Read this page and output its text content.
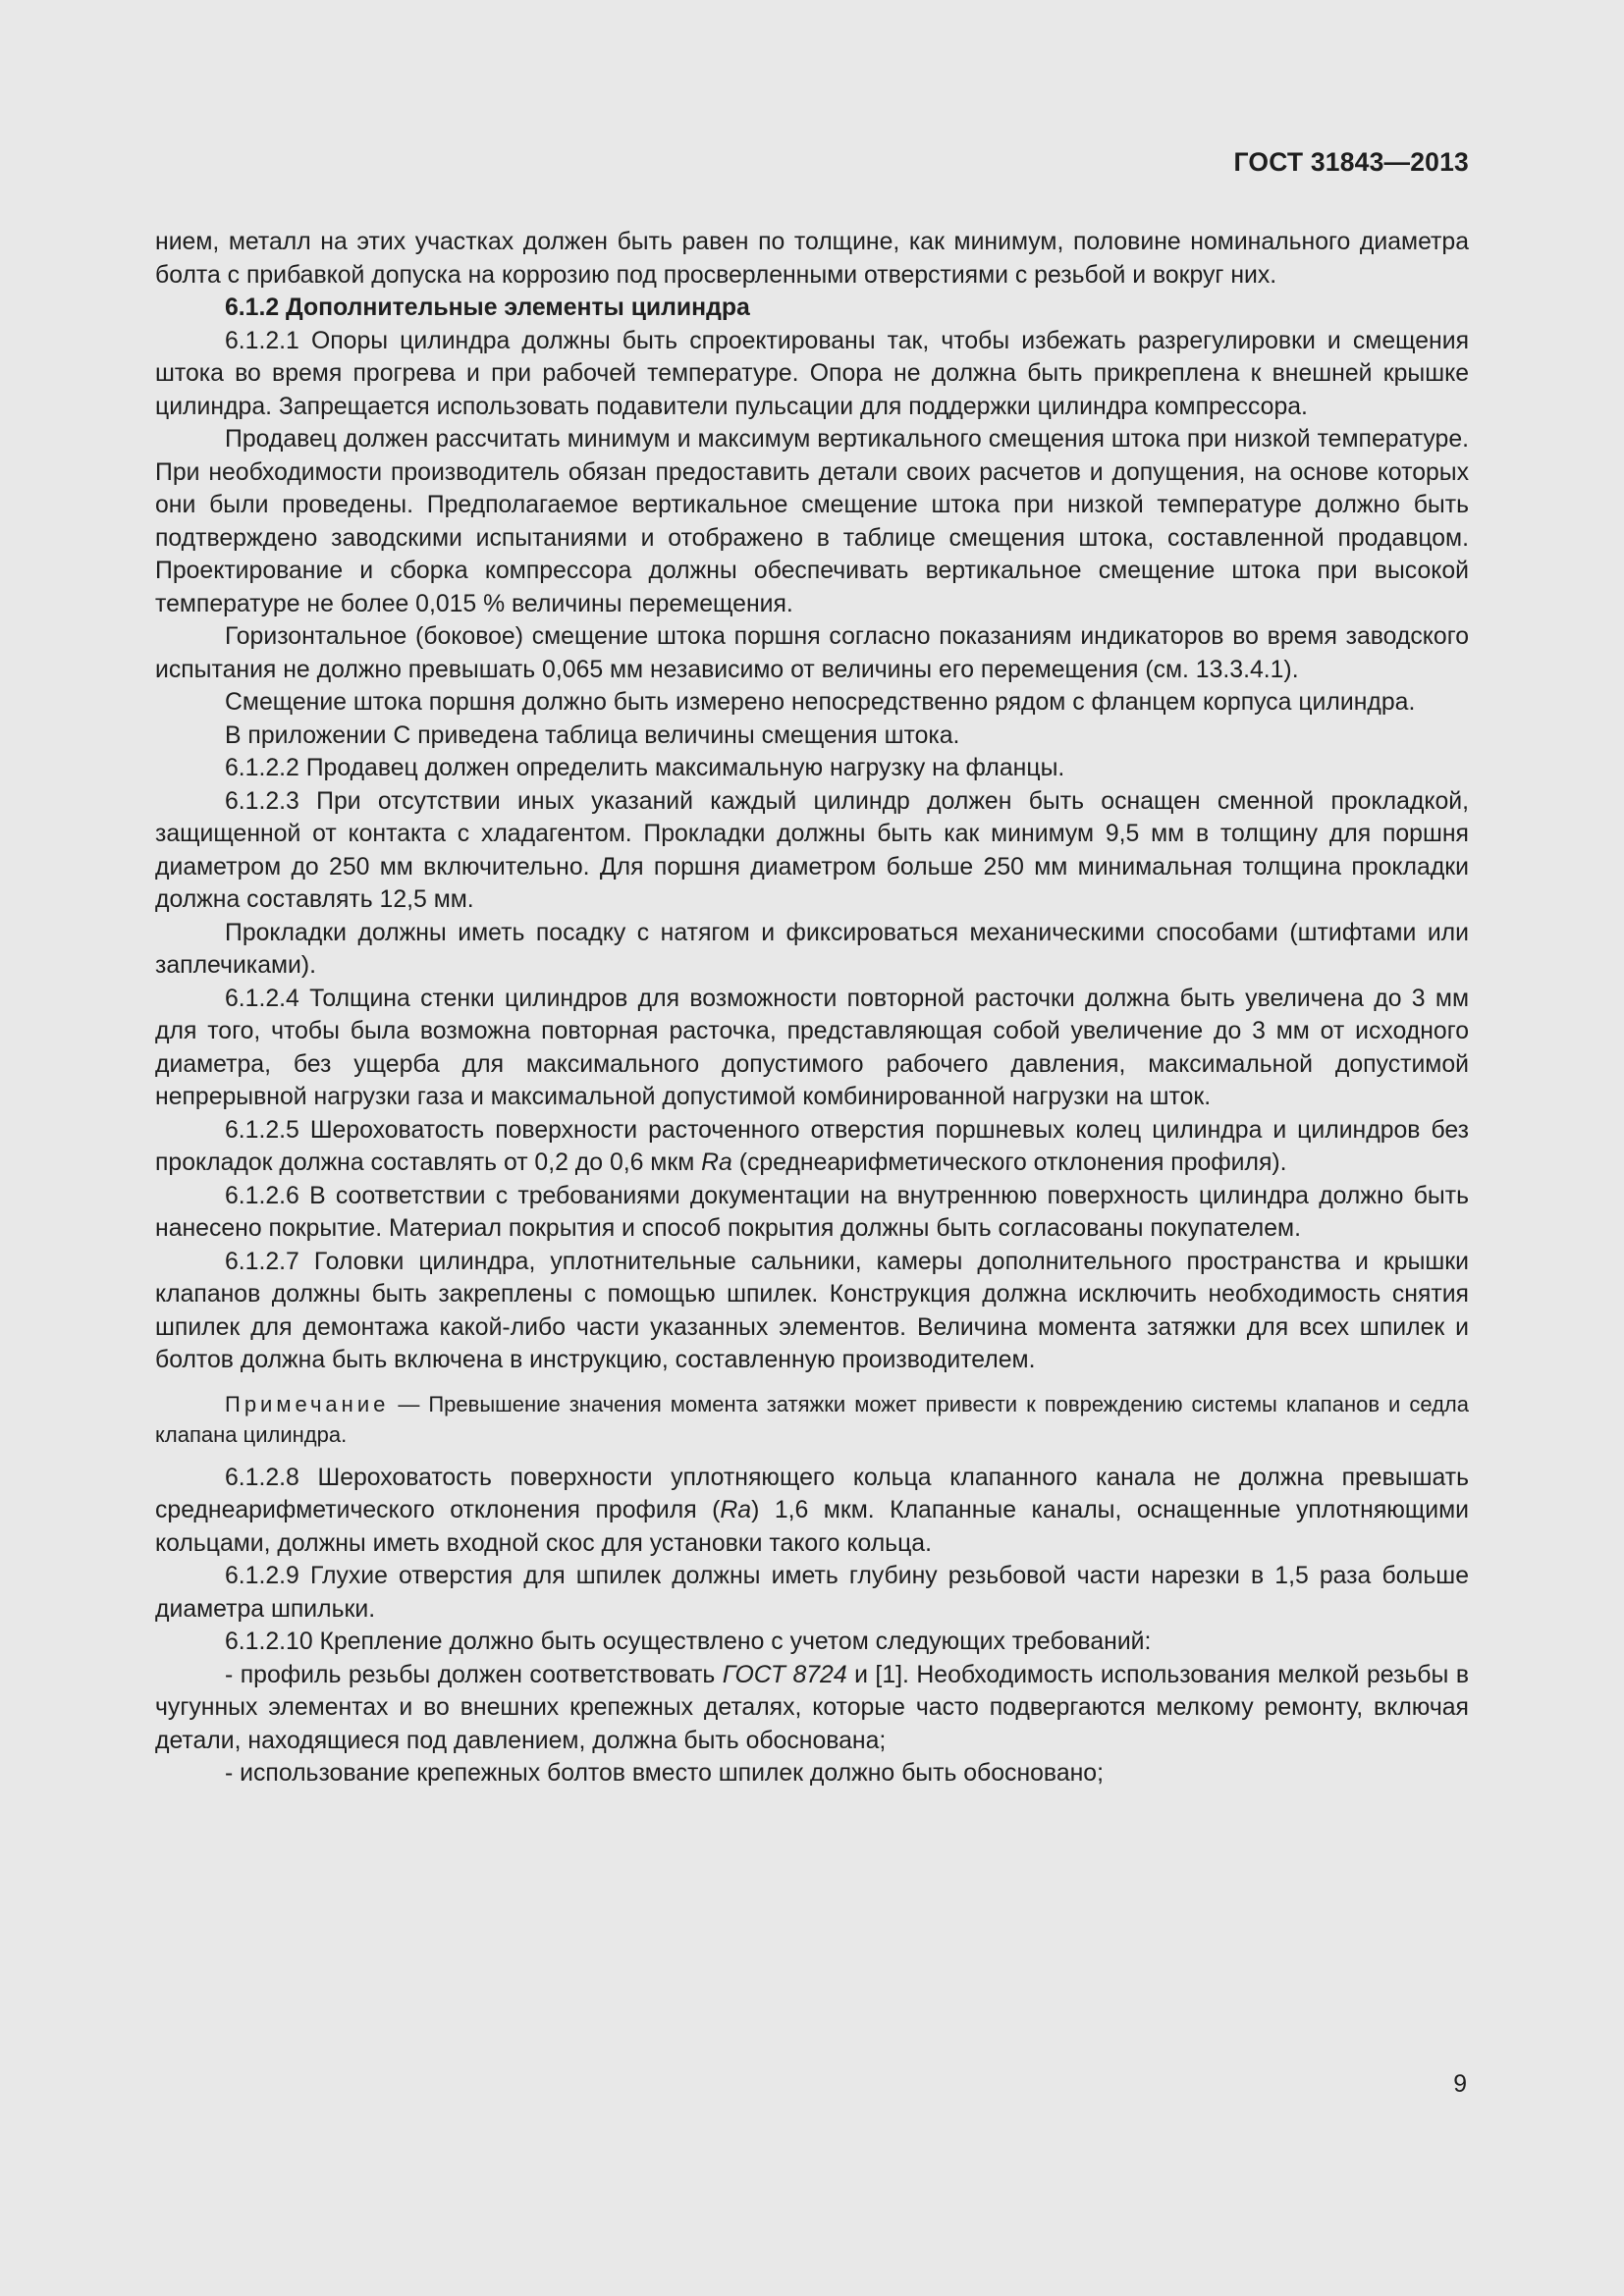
ГОСТ 31843—2013

нием, металл на этих участках должен быть равен по толщине, как минимум, половине номинального диаметра болта с прибавкой допуска на коррозию под просверленными отверстиями с резьбой и вокруг них.

6.1.2 Дополнительные элементы цилиндра

6.1.2.1 Опоры цилиндра должны быть спроектированы так, чтобы избежать разрегулировки и смещения штока во время прогрева и при рабочей температуре. Опора не должна быть прикреплена к внешней крышке цилиндра. Запрещается использовать подавители пульсации для поддержки цилиндра компрессора.

Продавец должен рассчитать минимум и максимум вертикального смещения штока при низкой температуре. При необходимости производитель обязан предоставить детали своих расчетов и допущения, на основе которых они были проведены. Предполагаемое вертикальное смещение штока при низкой температуре должно быть подтверждено заводскими испытаниями и отображено в таблице смещения штока, составленной продавцом. Проектирование и сборка компрессора должны обеспечивать вертикальное смещение штока при высокой температуре не более 0,015 % величины перемещения.

Горизонтальное (боковое) смещение штока поршня согласно показаниям индикаторов во время заводского испытания не должно превышать 0,065 мм независимо от величины его перемещения (см. 13.3.4.1).

Смещение штока поршня должно быть измерено непосредственно рядом с фланцем корпуса цилиндра.

В приложении С приведена таблица величины смещения штока.

6.1.2.2 Продавец должен определить максимальную нагрузку на фланцы.

6.1.2.3 При отсутствии иных указаний каждый цилиндр должен быть оснащен сменной прокладкой, защищенной от контакта с хладагентом. Прокладки должны быть как минимум 9,5 мм в толщину для поршня диаметром до 250 мм включительно. Для поршня диаметром больше 250 мм минимальная толщина прокладки должна составлять 12,5 мм.

Прокладки должны иметь посадку с натягом и фиксироваться механическими способами (штифтами или заплечиками).

6.1.2.4 Толщина стенки цилиндров для возможности повторной расточки должна быть увеличена до 3 мм для того, чтобы была возможна повторная расточка, представляющая собой увеличение до 3 мм от исходного диаметра, без ущерба для максимального допустимого рабочего давления, максимальной допустимой непрерывной нагрузки газа и максимальной допустимой комбинированной нагрузки на шток.

6.1.2.5 Шероховатость поверхности расточенного отверстия поршневых колец цилиндра и цилиндров без прокладок должна составлять от 0,2 до 0,6 мкм Ra (среднеарифметического отклонения профиля).

6.1.2.6 В соответствии с требованиями документации на внутреннюю поверхность цилиндра должно быть нанесено покрытие. Материал покрытия и способ покрытия должны быть согласованы покупателем.

6.1.2.7 Головки цилиндра, уплотнительные сальники, камеры дополнительного пространства и крышки клапанов должны быть закреплены с помощью шпилек. Конструкция должна исключить необходимость снятия шпилек для демонтажа какой-либо части указанных элементов. Величина момента затяжки для всех шпилек и болтов должна быть включена в инструкцию, составленную производителем.

Примечание — Превышение значения момента затяжки может привести к повреждению системы клапанов и седла клапана цилиндра.

6.1.2.8 Шероховатость поверхности уплотняющего кольца клапанного канала не должна превышать среднеарифметического отклонения профиля (Ra) 1,6 мкм. Клапанные каналы, оснащенные уплотняющими кольцами, должны иметь входной скос для установки такого кольца.

6.1.2.9 Глухие отверстия для шпилек должны иметь глубину резьбовой части нарезки в 1,5 раза больше диаметра шпильки.

6.1.2.10 Крепление должно быть осуществлено с учетом следующих требований:

- профиль резьбы должен соответствовать ГОСТ 8724 и [1]. Необходимость использования мелкой резьбы в чугунных элементах и во внешних крепежных деталях, которые часто подвергаются мелкому ремонту, включая детали, находящиеся под давлением, должна быть обоснована;

- использование крепежных болтов вместо шпилек должно быть обосновано;

9
